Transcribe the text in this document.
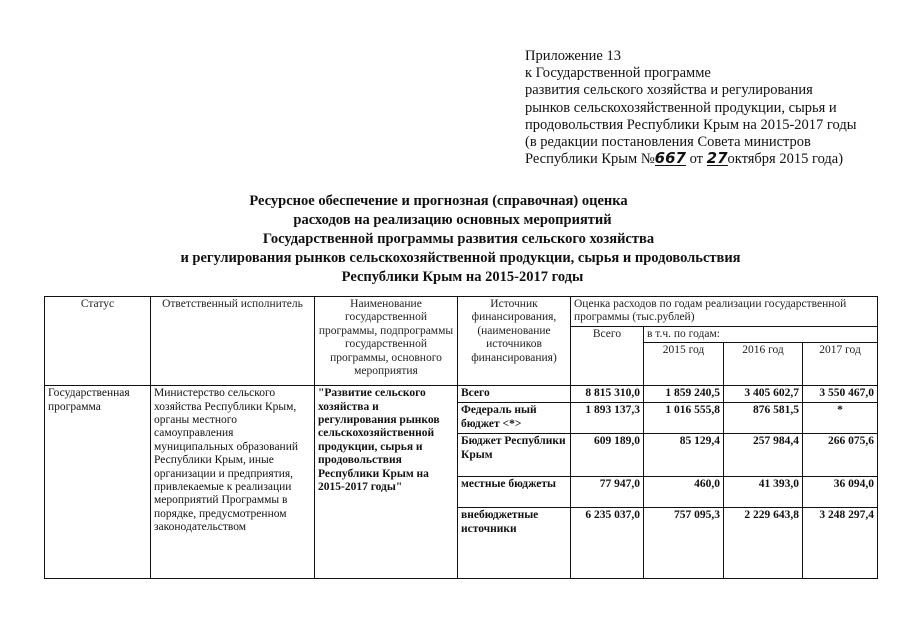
Приложение 13
к Государственной программе
развития сельского хозяйства и регулирования
рынков сельскохозяйственной продукции, сырья и
продовольствия Республики Крым на 2015-2017 годы
(в редакции постановления Совета министров
Республики Крым №667 от 27октября 2015 года)
Ресурсное обеспечение и прогнозная (справочная) оценка
расходов на реализацию основных мероприятий
Государственной программы развития сельского хозяйства
и регулирования рынков сельскохозяйственной продукции, сырья и продовольствия
Республики Крым на 2015-2017 годы
Статус	Ответственный исполнитель	Наименование государственной программы, подпрограммы государственной программы, основного мероприятия	Источник финансирования, (наименование источников финансирования)	Оценка расходов по годам реализации государственной программы (тыс.рублей)			
				Всего	в т.ч. по годам:		
					2015 год	2016 год	2017 год
Государственная программа	Министерство сельского хозяйства Республики Крым, органы местного самоуправления муниципальных образований Республики Крым, иные организации и предприятия, привлекаемые к реализации мероприятий Программы в порядке, предусмотренном законодательством	"Развитие сельского хозяйства и регулирования рынков сельскохозяйственной продукции, сырья и продовольствия Республики Крым на 2015-2017 годы"	Всего	8 815 310,0	1 859 240,5	3 405 602,7	3 550 467,0
			Федераль ный бюджет <*>	1 893 137,3	1 016 555,8	876 581,5	*
			Бюджет Республики Крым	609 189,0	85 129,4	257 984,4	266 075,6
			местные бюджеты	77 947,0	460,0	41 393,0	36 094,0
			внебюджетные источники	6 235 037,0	757 095,3	2 229 643,8	3 248 297,4
